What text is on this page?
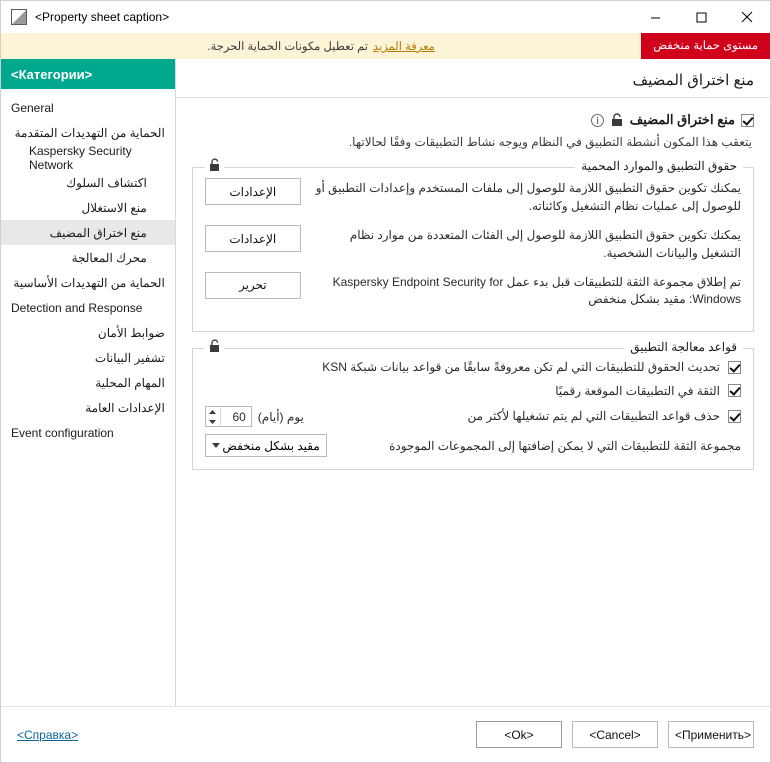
<Property sheet caption>
معرفة المزيد
تم تعطيل مكونات الحماية الحرجة.	مستوى حماية منخفض
<Категории>
General
الحماية من التهديدات المتقدمة
Kaspersky Security Network
اكتشاف السلوك
منع الاستغلال
منع اختراق المضيف
محرك المعالجة
الحماية من التهديدات الأساسية
Detection and Response
ضوابط الأمان
تشفير البيانات
المهام المحلية
الإعدادات العامة
Event configuration
منع اختراق المضيف
منع اختراق المضيف
يتعقب هذا المكون أنشطة التطبيق في النظام ويوجه نشاط التطبيقات وفقًا لحالاتها.
حقوق التطبيق والموارد المحمية
يمكنك تكوين حقوق التطبيق اللازمة للوصول إلى ملفات المستخدم وإعدادات التطبيق أو للوصول إلى عمليات نظام التشغيل وكائناته.
الإعدادات
يمكنك تكوين حقوق التطبيق اللازمة للوصول إلى الفئات المتعددة من موارد نظام التشغيل والبيانات الشخصية.
الإعدادات
تم إطلاق مجموعة الثقة للتطبيقات قبل بدء عمل Kaspersky Endpoint Security for Windows: مقيد بشكل منخفض
تحرير
قواعد معالجة التطبيق
تحديث الحقوق للتطبيقات التي لم تكن معروفةً سابقًا من قواعد بيانات شبكة KSN
الثقة في التطبيقات الموقعة رقميًا
حذف قواعد التطبيقات التي لم يتم تشغيلها لأكثر من
يوم (أيام)
60
مجموعة الثقة للتطبيقات التي لا يمكن إضافتها إلى المجموعات الموجودة
مقيد بشكل منخفض
<Справка>	<Ok>	<Cancel>	<Применить>
